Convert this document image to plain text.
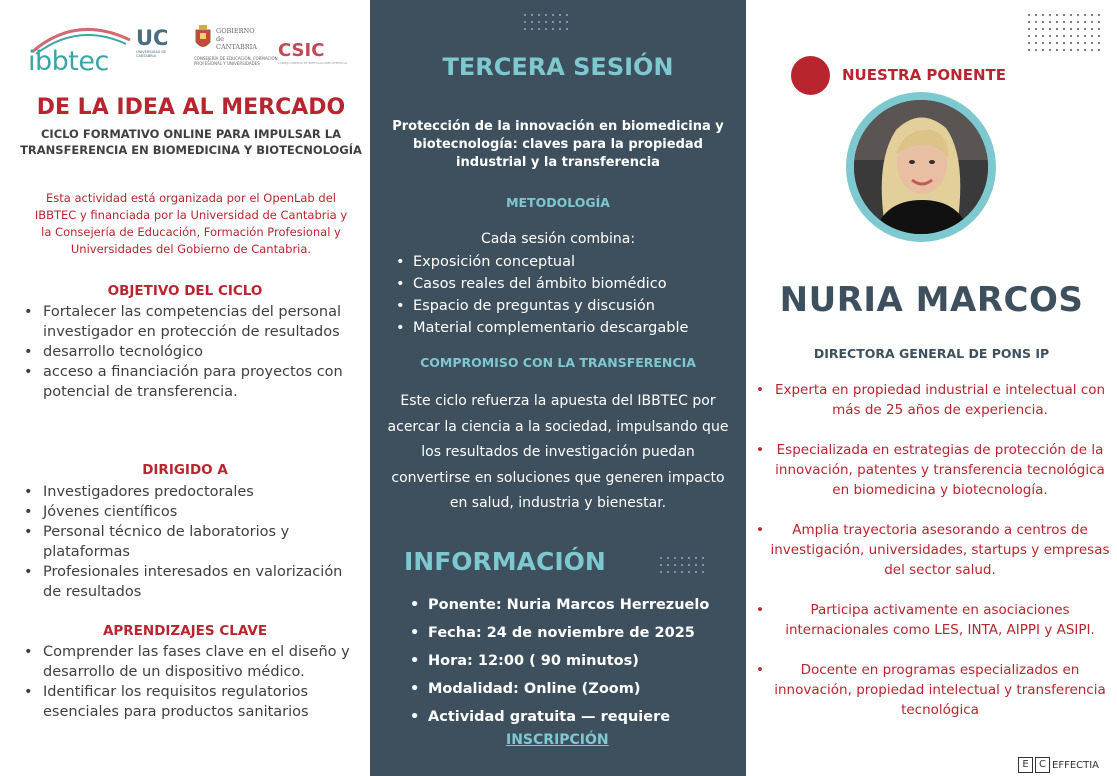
ibbtec
UC
UNIVERSIDAD DE CANTABRIA
GOBIERNO
de
CANTABRIA
CONSEJERÍA DE EDUCACIÓN, FORMACIÓN PROFESIONAL Y UNIVERSIDADES
CSIC
CONSEJO SUPERIOR DE INVESTIGACIONES CIENTÍFICAS
DE LA IDEA AL MERCADO
CICLO FORMATIVO ONLINE PARA IMPULSAR LA TRANSFERENCIA EN BIOMEDICINA Y BIOTECNOLOGÍA
Esta actividad está organizada por el OpenLab del IBBTEC y financiada por la Universidad de Cantabria y la Consejería de Educación, Formación Profesional y Universidades del Gobierno de Cantabria.
OBJETIVO DEL CICLO
• Fortalecer las competencias del personal investigador en protección de resultados
• desarrollo tecnológico
• acceso a financiación para proyectos con potencial de transferencia.
DIRIGIDO A
• Investigadores predoctorales
• Jóvenes científicos
• Personal técnico de laboratorios y plataformas
• Profesionales interesados en valorización de resultados
APRENDIZAJES CLAVE
• Comprender las fases clave en el diseño y desarrollo de un dispositivo médico.
• Identificar los requisitos regulatorios esenciales para productos sanitarios
TERCERA SESIÓN
Protección de la innovación en biomedicina y biotecnología: claves para la propiedad industrial y la transferencia
METODOLOGÍA
Cada sesión combina:
• Exposición conceptual
• Casos reales del ámbito biomédico
• Espacio de preguntas y discusión
• Material complementario descargable
COMPROMISO CON LA TRANSFERENCIA
Este ciclo refuerza la apuesta del IBBTEC por acercar la ciencia a la sociedad, impulsando que los resultados de investigación puedan convertirse en soluciones que generen impacto en salud, industria y bienestar.
INFORMACIÓN
• Ponente: Nuria Marcos Herrezuelo
• Fecha: 24 de noviembre de 2025
• Hora: 12:00 ( 90 minutos)
• Modalidad: Online (Zoom)
• Actividad gratuita — requiere
INSCRIPCIÓN
NUESTRA PONENTE
NURIA MARCOS
DIRECTORA GENERAL DE PONS IP
• Experta en propiedad industrial e intelectual con más de 25 años de experiencia.
• Especializada en estrategias de protección de la innovación, patentes y transferencia tecnológica en biomedicina y biotecnología.
• Amplia trayectoria asesorando a centros de investigación, universidades, startups y empresas del sector salud.
• Participa activamente en asociaciones internacionales como LES, INTA, AIPPI y ASIPI.
• Docente en programas especializados en innovación, propiedad intelectual y transferencia tecnológica
E	C EFFECTIA
